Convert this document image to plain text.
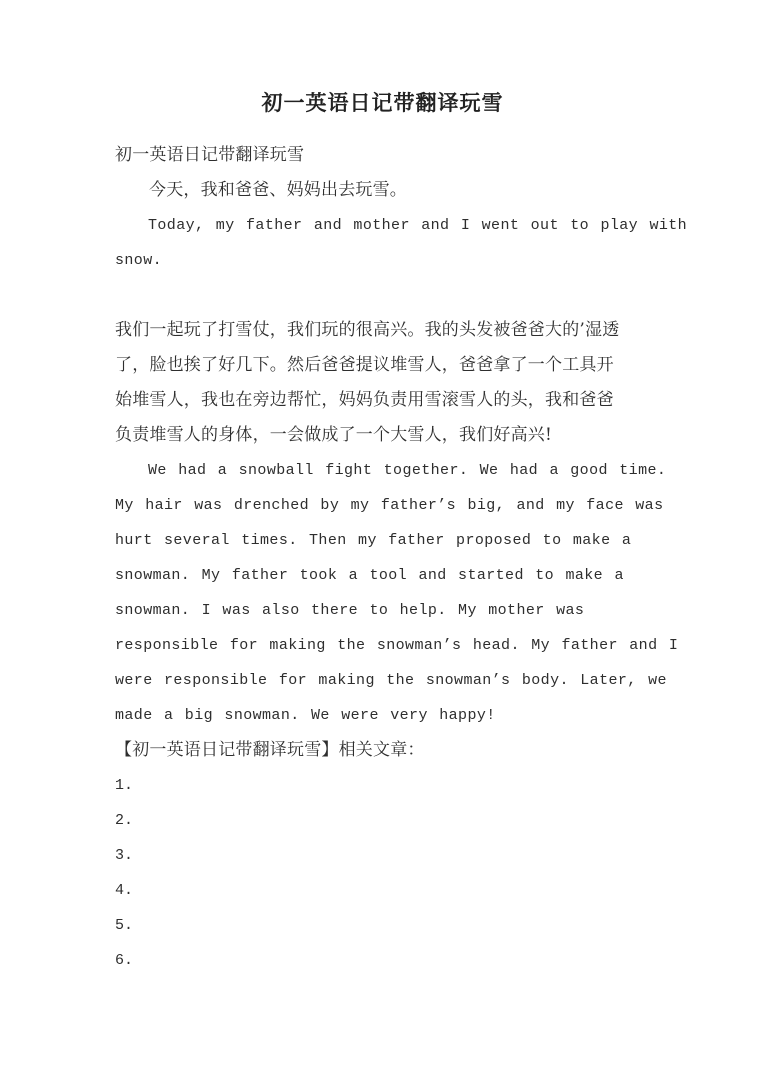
初一英语日记带翻译玩雪
初一英语日记带翻译玩雪
今天，我和爸爸、妈妈出去玩雪。
Today, my father and mother and I went out to play with
snow.
我们一起玩了打雪仗，我们玩的很高兴。我的头发被爸爸大的’湿透
了，脸也挨了好几下。然后爸爸提议堆雪人，爸爸拿了一个工具开
始堆雪人，我也在旁边帮忙，妈妈负责用雪滚雪人的头，我和爸爸
负责堆雪人的身体，一会做成了一个大雪人，我们好高兴!
We had a snowball fight together. We had a good time.
My hair was drenched by my father’s big, and my face was
hurt several times. Then my father proposed to make a
snowman. My father took a tool and started to make a
snowman. I was also there to help. My mother was
responsible for making the snowman’s head. My father and I
were responsible for making the snowman’s body. Later, we
made a big snowman. We were very happy!
【初一英语日记带翻译玩雪】相关文章：
1.
2.
3.
4.
5.
6.
